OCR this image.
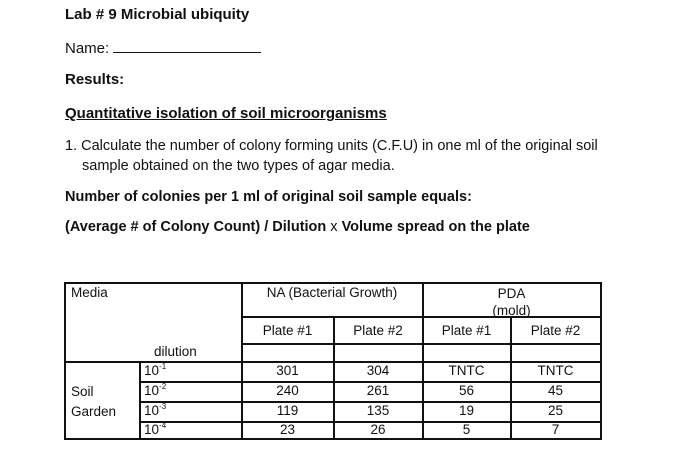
Lab # 9 Microbial ubiquity
Name:
Results:
Quantitative isolation of soil microorganisms
1. Calculate the number of colony forming units (C.F.U) in one ml of the original soil
sample obtained on the two types of agar media.
Number of colonies per 1 ml of original soil sample equals:
(Average # of Colony Count) / Dilution x Volume spread on the plate
Media	NA (Bacterial Growth)	PDA
(mold)
Plate #1	Plate #2	Plate #1	Plate #2
dilution
Soil
Garden
$10^{-1}$	301	304	TNTC	TNTC
$10^{-2}$	240	261	56	45
$10^{-3}$	119	135	19	25
$10^{-4}$	23	26	5	7
